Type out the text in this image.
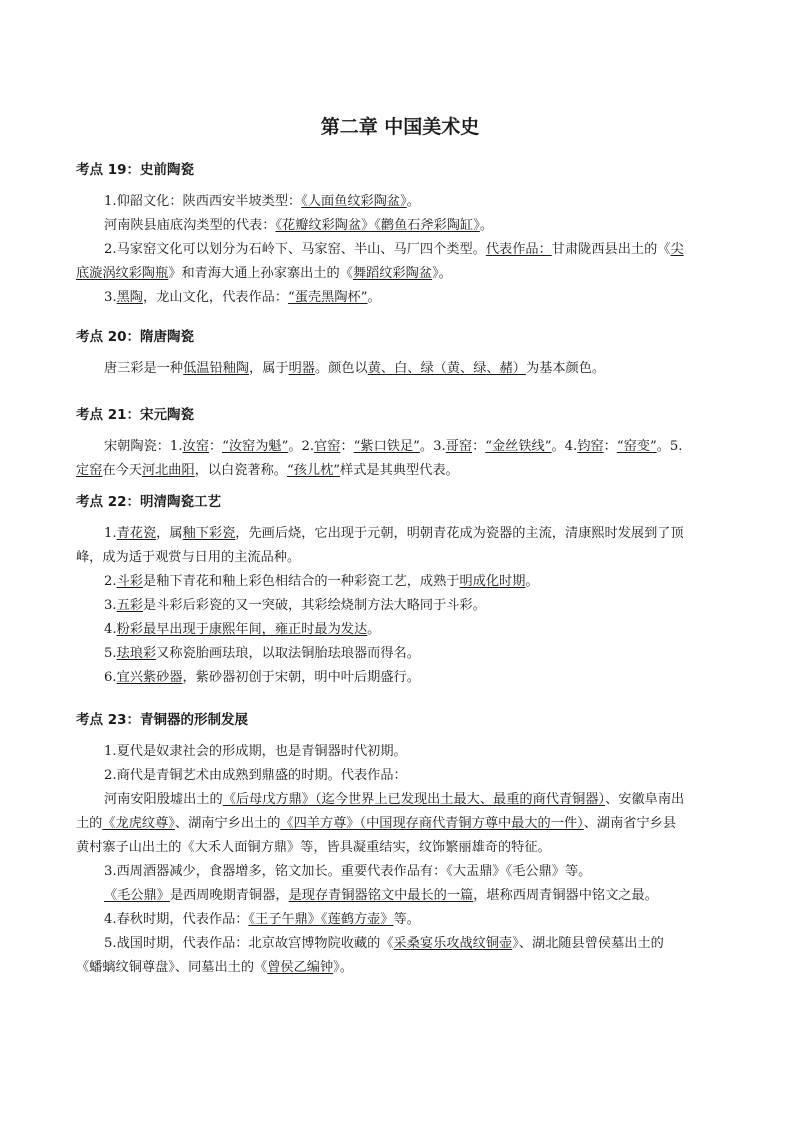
第二章 中国美术史
考点 19：史前陶瓷
1.仰韶文化：陕西西安半坡类型：《人面鱼纹彩陶盆》。
河南陕县庙底沟类型的代表：《花瓣纹彩陶盆》《鹳鱼石斧彩陶缸》。
2.马家窑文化可以划分为石岭下、马家窑、半山、马厂四个类型。代表作品：甘肃陇西县出土的《尖
底漩涡纹彩陶瓶》和青海大通上孙家寨出土的《舞蹈纹彩陶盆》。
3.黑陶，龙山文化，代表作品：“蛋壳黑陶杯”。
考点 20：隋唐陶瓷
唐三彩是一种低温铅釉陶，属于明器。颜色以黄、白、绿（黄、绿、赭）为基本颜色。
考点 21：宋元陶瓷
宋朝陶瓷：1.汝窑：“汝窑为魁”。2.官窑：“紫口铁足”。3.哥窑：“金丝铁线”。4.钧窑：“窑变”。5.
定窑在今天河北曲阳，以白瓷著称。“孩儿枕”样式是其典型代表。
考点 22：明清陶瓷工艺
1.青花瓷，属釉下彩瓷，先画后烧，它出现于元朝，明朝青花成为瓷器的主流，清康熙时发展到了顶
峰，成为适于观赏与日用的主流品种。
2.斗彩是釉下青花和釉上彩色相结合的一种彩瓷工艺，成熟于明成化时期。
3.五彩是斗彩后彩瓷的又一突破，其彩绘烧制方法大略同于斗彩。
4.粉彩最早出现于康熙年间，雍正时最为发达。
5.珐琅彩又称瓷胎画珐琅，以取法铜胎珐琅器而得名。
6.宜兴紫砂器，紫砂器初创于宋朝，明中叶后期盛行。
考点 23：青铜器的形制发展
1.夏代是奴隶社会的形成期，也是青铜器时代初期。
2.商代是青铜艺术由成熟到鼎盛的时期。代表作品：
河南安阳殷墟出土的《后母戊方鼎》（迄今世界上已发现出土最大、最重的商代青铜器）、安徽阜南出
土的《龙虎纹尊》、湖南宁乡出土的《四羊方尊》（中国现存商代青铜方尊中最大的一件）、湖南省宁乡县
黄村寨子山出土的《大禾人面铜方鼎》等，皆具凝重结实，纹饰繁丽雄奇的特征。
3.西周酒器减少，食器增多，铭文加长。重要代表作品有：《大盂鼎》《毛公鼎》等。
《毛公鼎》是西周晚期青铜器，是现存青铜器铭文中最长的一篇，堪称西周青铜器中铭文之最。
4.春秋时期，代表作品：《王子午鼎》《莲鹤方壶》等。
5.战国时期，代表作品：北京故宫博物院收藏的《采桑宴乐攻战纹铜壶》、湖北随县曾侯墓出土的
《蟠螭纹铜尊盘》、同墓出土的《曾侯乙编钟》。
